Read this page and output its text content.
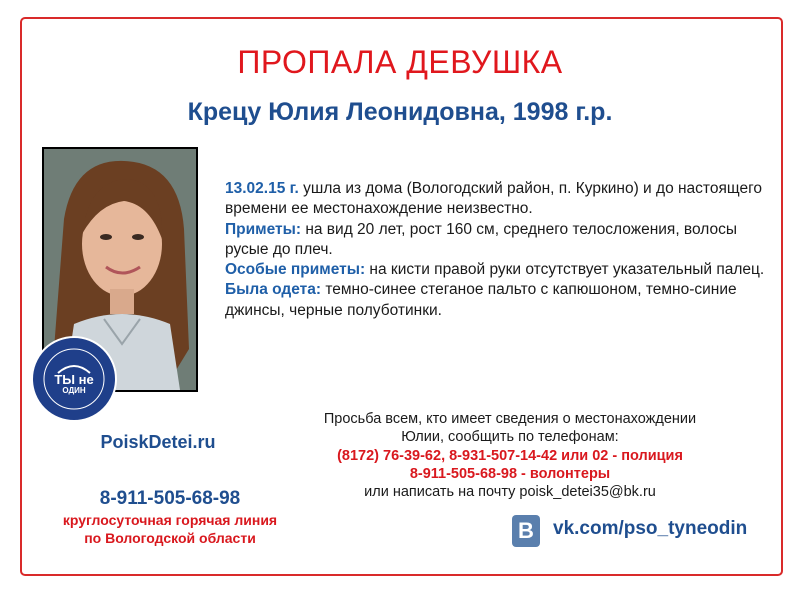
ПРОПАЛА ДЕВУШКА
Крецу Юлия Леонидовна, 1998 г.р.
ТЫ не
ОДИН
13.02.15 г. ушла из дома (Вологодский район, п. Куркино) и до настоящего времени ее местонахождение неизвестно.
Приметы: на вид 20 лет, рост 160 см, среднего телосложения, волосы русые до плеч.
Особые приметы: на кисти правой руки отсутствует указательный палец.
Была одета: темно-синее стеганое пальто с капюшоном, темно-синие джинсы, черные полуботинки.
PoiskDetei.ru
8-911-505-68-98
круглосуточная горячая линия
по Вологодской области
Просьба всем, кто имеет сведения о местонахождении
Юлии, сообщить по телефонам:
(8172) 76-39-62, 8-931-507-14-42 или 02 - полиция
8-911-505-68-98 - волонтеры
или написать на почту poisk_detei35@bk.ru
В	vk.com/pso_tyneodin
